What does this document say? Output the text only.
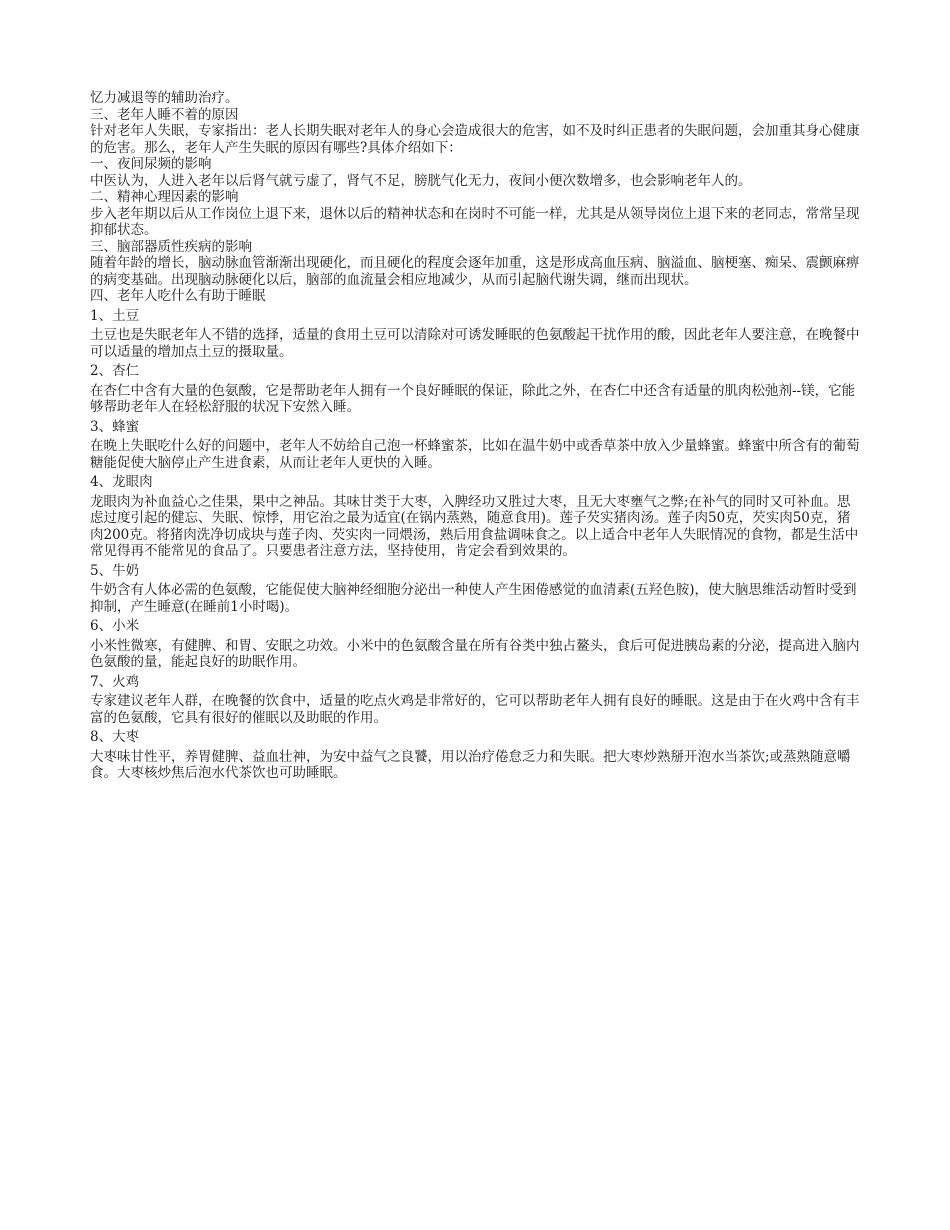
忆力减退等的辅助治疗。

三、老年人睡不着的原因

针对老年人失眠，专家指出：老人长期失眠对老年人的身心会造成很大的危害，如不及时纠正患者的失眠问题，会加重其身心健康的危害。那么，老年人产生失眠的原因有哪些?具体介绍如下：

一、夜间尿频的影响

中医认为，人进入老年以后肾气就亏虚了，肾气不足，膀胱气化无力，夜间小便次数增多，也会影响老年人的。

二、精神心理因素的影响

步入老年期以后从工作岗位上退下来，退休以后的精神状态和在岗时不可能一样，尤其是从领导岗位上退下来的老同志，常常呈现抑郁状态。

三、脑部器质性疾病的影响

随着年龄的增长，脑动脉血管渐渐出现硬化，而且硬化的程度会逐年加重，这是形成高血压病、脑溢血、脑梗塞、痴呆、震颤麻痹的病变基础。出现脑动脉硬化以后，脑部的血流量会相应地减少，从而引起脑代谢失调，继而出现状。

四、老年人吃什么有助于睡眠

1、土豆

土豆也是失眠老年人不错的选择，适量的食用土豆可以清除对可诱发睡眠的色氨酸起干扰作用的酸，因此老年人要注意，在晚餐中可以适量的增加点土豆的摄取量。

2、杏仁

在杏仁中含有大量的色氨酸，它是帮助老年人拥有一个良好睡眠的保证，除此之外，在杏仁中还含有适量的肌肉松弛剂--镁，它能够帮助老年人在轻松舒服的状况下安然入睡。

3、蜂蜜

在晚上失眠吃什么好的问题中，老年人不妨给自己泡一杯蜂蜜茶，比如在温牛奶中或香草茶中放入少量蜂蜜。蜂蜜中所含有的葡萄糖能促使大脑停止产生进食素，从而让老年人更快的入睡。

4、龙眼肉

龙眼肉为补血益心之佳果，果中之神品。其味甘类于大枣，入脾经功又胜过大枣，且无大枣壅气之弊;在补气的同时又可补血。思虑过度引起的健忘、失眠、惊悸，用它治之最为适宜(在锅内蒸熟，随意食用)。莲子芡实猪肉汤。莲子肉50克，芡实肉50克，猪肉200克。将猪肉洗净切成块与莲子肉、芡实肉一同煨汤，熟后用食盐调味食之。以上适合中老年人失眠情况的食物，都是生活中常见得再不能常见的食品了。只要患者注意方法，坚持使用，肯定会看到效果的。

5、牛奶

牛奶含有人体必需的色氨酸，它能促使大脑神经细胞分泌出一种使人产生困倦感觉的血清素(五羟色胺)，使大脑思维活动暂时受到抑制，产生睡意(在睡前1小时喝)。

6、小米

小米性微寒，有健脾、和胃、安眠之功效。小米中的色氨酸含量在所有谷类中独占鳌头，食后可促进胰岛素的分泌，提高进入脑内色氨酸的量，能起良好的助眠作用。

7、火鸡

专家建议老年人群，在晚餐的饮食中，适量的吃点火鸡是非常好的，它可以帮助老年人拥有良好的睡眠。这是由于在火鸡中含有丰富的色氨酸，它具有很好的催眠以及助眠的作用。

8、大枣

大枣味甘性平，养胃健脾、益血壮神，为安中益气之良饕，用以治疗倦怠乏力和失眠。把大枣炒熟掰开泡水当茶饮;或蒸熟随意嚼食。大枣核炒焦后泡水代茶饮也可助睡眠。
